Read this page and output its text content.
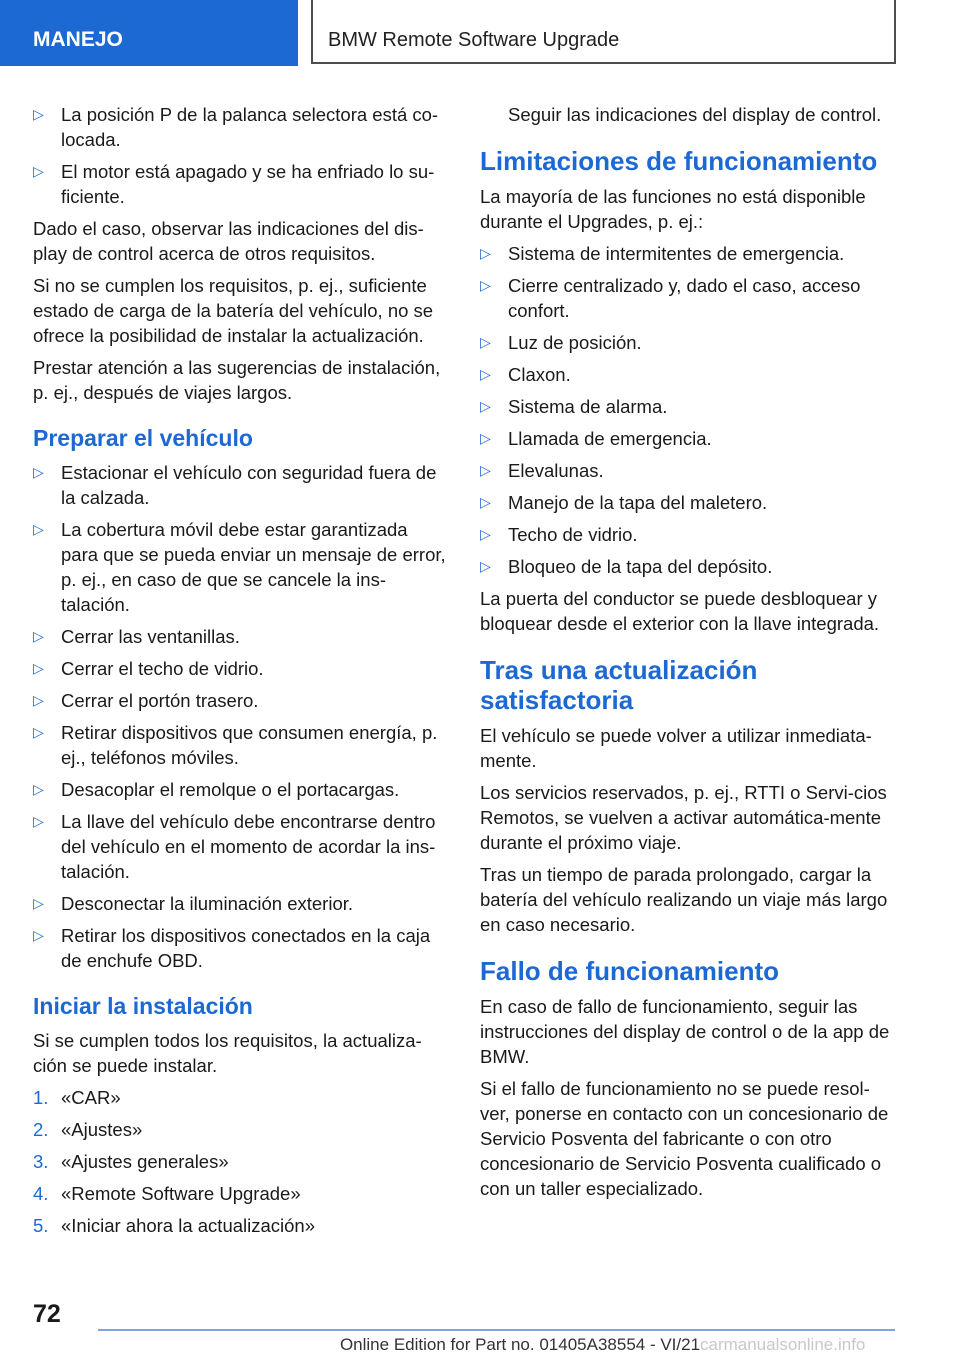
MANEJO	BMW Remote Software Upgrade
▷ La posición P de la palanca selectora está co-locada.
▷ El motor está apagado y se ha enfriado lo su-ficiente.

Dado el caso, observar las indicaciones del dis-play de control acerca de otros requisitos.

Si no se cumplen los requisitos, p. ej., suficiente estado de carga de la batería del vehículo, no se ofrece la posibilidad de instalar la actualización.

Prestar atención a las sugerencias de instalación, p. ej., después de viajes largos.

Preparar el vehículo
▷ Estacionar el vehículo con seguridad fuera de la calzada.
▷ La cobertura móvil debe estar garantizada para que se pueda enviar un mensaje de error, p. ej., en caso de que se cancele la ins-talación.
▷ Cerrar las ventanillas.
▷ Cerrar el techo de vidrio.
▷ Cerrar el portón trasero.
▷ Retirar dispositivos que consumen energía, p. ej., teléfonos móviles.
▷ Desacoplar el remolque o el portacargas.
▷ La llave del vehículo debe encontrarse dentro del vehículo en el momento de acordar la ins-talación.
▷ Desconectar la iluminación exterior.
▷ Retirar los dispositivos conectados en la caja de enchufe OBD.
Iniciar la instalación

Si se cumplen todos los requisitos, la actualiza-ción se puede instalar.

1. «CAR»
2. «Ajustes»
3. «Ajustes generales»
4. «Remote Software Upgrade»
5. «Iniciar ahora la actualización»

Seguir las indicaciones del display de control.

Limitaciones de funcionamiento

La mayoría de las funciones no está disponible durante el Upgrades, p. ej.:

▷ Sistema de intermitentes de emergencia.
▷ Cierre centralizado y, dado el caso, acceso confort.
▷ Luz de posición.
▷ Claxon.
▷ Sistema de alarma.
▷ Llamada de emergencia.
▷ Elevalunas.
▷ Manejo de la tapa del maletero.
▷ Techo de vidrio.
▷ Bloqueo de la tapa del depósito.

La puerta del conductor se puede desbloquear y bloquear desde el exterior con la llave integrada.

Tras una actualización satisfactoria

El vehículo se puede volver a utilizar inmediata-mente.

Los servicios reservados, p. ej., RTTI o Servi-cios Remotos, se vuelven a activar automática-mente durante el próximo viaje.

Tras un tiempo de parada prolongado, cargar la batería del vehículo realizando un viaje más largo en caso necesario.

Fallo de funcionamiento

En caso de fallo de funcionamiento, seguir las instrucciones del display de control o de la app de BMW.

Si el fallo de funcionamiento no se puede resol-ver, ponerse en contacto con un concesionario de Servicio Posventa del fabricante o con otro concesionario de Servicio Posventa cualificado o con un taller especializado.

72
Online Edition for Part no. 01405A38554 - VI/21 carmanualsonline.info
